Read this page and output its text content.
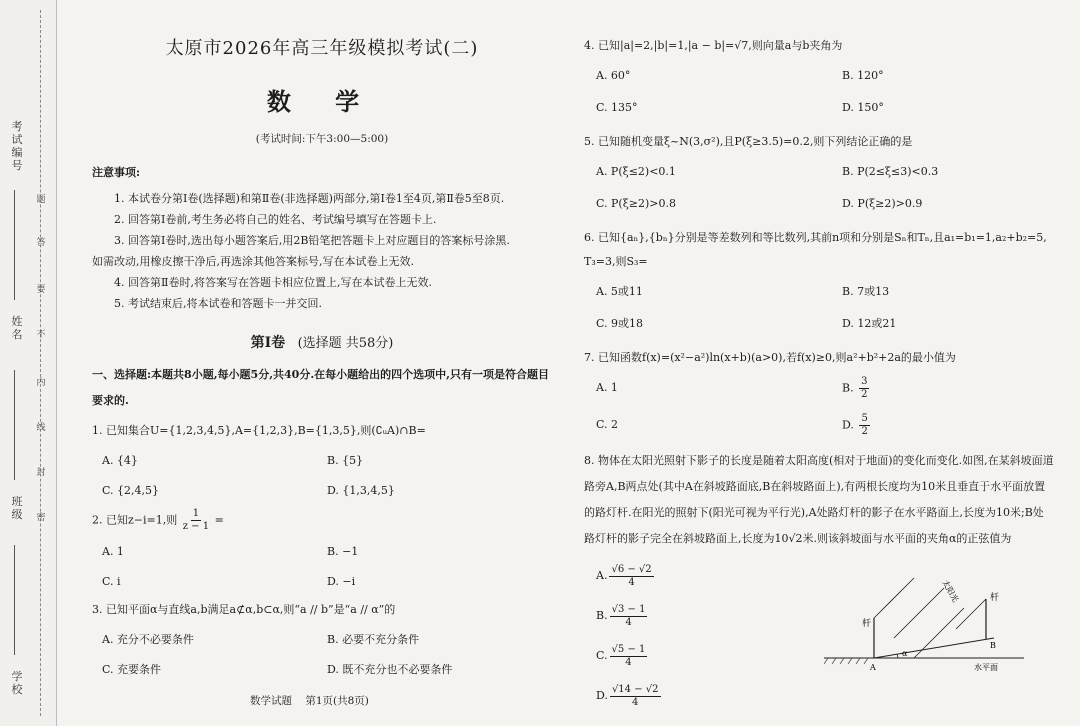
考试编号
姓 名
班 级
学 校
题
答
要
不
内
线
封
密
太原市2026年高三年级模拟考试(二)
数 学
(考试时间:下午3:00—5:00)
注意事项:

1. 本试卷分第Ⅰ卷(选择题)和第Ⅱ卷(非选择题)两部分,第Ⅰ卷1至4页,第Ⅱ卷5至8页.

2. 回答第Ⅰ卷前,考生务必将自己的姓名、考试编号填写在答题卡上.

3. 回答第Ⅰ卷时,选出每小题答案后,用2B铅笔把答题卡上对应题目的答案标号涂黑.

如需改动,用橡皮擦干净后,再选涂其他答案标号,写在本试卷上无效.

4. 回答第Ⅱ卷时,将答案写在答题卡相应位置上,写在本试卷上无效.

5. 考试结束后,将本试卷和答题卡一并交回.

第Ⅰ卷 (选择题 共58分)
一、选择题:本题共8小题,每小题5分,共40分.在每小题给出的四个选项中,只有一项是符合题目要求的.
1. 已知集合U={1,2,3,4,5},A={1,2,3},B={1,3,5},则(∁ᵤA)∩B=
A. {4}	B. {5}
C. {2,4,5}	D. {1,3,4,5}
2. 已知z−i=1,则 $\frac{1}{z - 1}$ =
A. 1	B. −1
C. i	D. −i
3. 已知平面α与直线a,b满足a⊄α,b⊂α,则“a // b”是“a // α”的
A. 充分不必要条件	B. 必要不充分条件
C. 充要条件	D. 既不充分也不必要条件
数学试题 第1页(共8页)
4. 已知|a|=2,|b|=1,|a − b|=√7,则向量a与b夹角为
A. 60°	B. 120°
C. 135°	D. 150°
5. 已知随机变量ξ~N(3,σ²),且P(ξ≥3.5)=0.2,则下列结论正确的是
A. P(ξ≤2)<0.1	B. P(2≤ξ≤3)<0.3
C. P(ξ≥2)>0.8	D. P(ξ≥2)>0.9
6. 已知{aₙ},{bₙ}分别是等差数列和等比数列,其前n项和分别是Sₙ和Tₙ,且a₁=b₁=1,a₂+b₂=5,
T₃=3,则S₃=
A. 5或11	B. 7或13
C. 9或18	D. 12或21
7. 已知函数f(x)=(x²−a²)ln(x+b)(a>0),若f(x)≥0,则a²+b²+2a的最小值为
A. 1	B. $\frac{3}{2}$
C. 2	D. $\frac{5}{2}$
8. 物体在太阳光照射下影子的长度是随着太阳高度(相对于地面)的变化而变化.如图,在某斜坡面道路旁A,B两点处(其中A在斜坡路面底,B在斜坡路面上),有两根长度均为10米且垂直于水平面放置的路灯杆.在阳光的照射下(阳光可视为平行光),A处路灯杆的影子在水平路面上,长度为10米;B处路灯杆的影子完全在斜坡路面上,长度为10√2米.则该斜坡面与水平面的夹角α的正弦值为
A. $\frac{√6 - √2}{4}$
B. $\frac{√3 - 1}{4}$
C. $\frac{√5 - 1}{4}$
D. $\frac{√14 - √2}{4}$
杆
杆
太阳光
A
B
α
水平面
